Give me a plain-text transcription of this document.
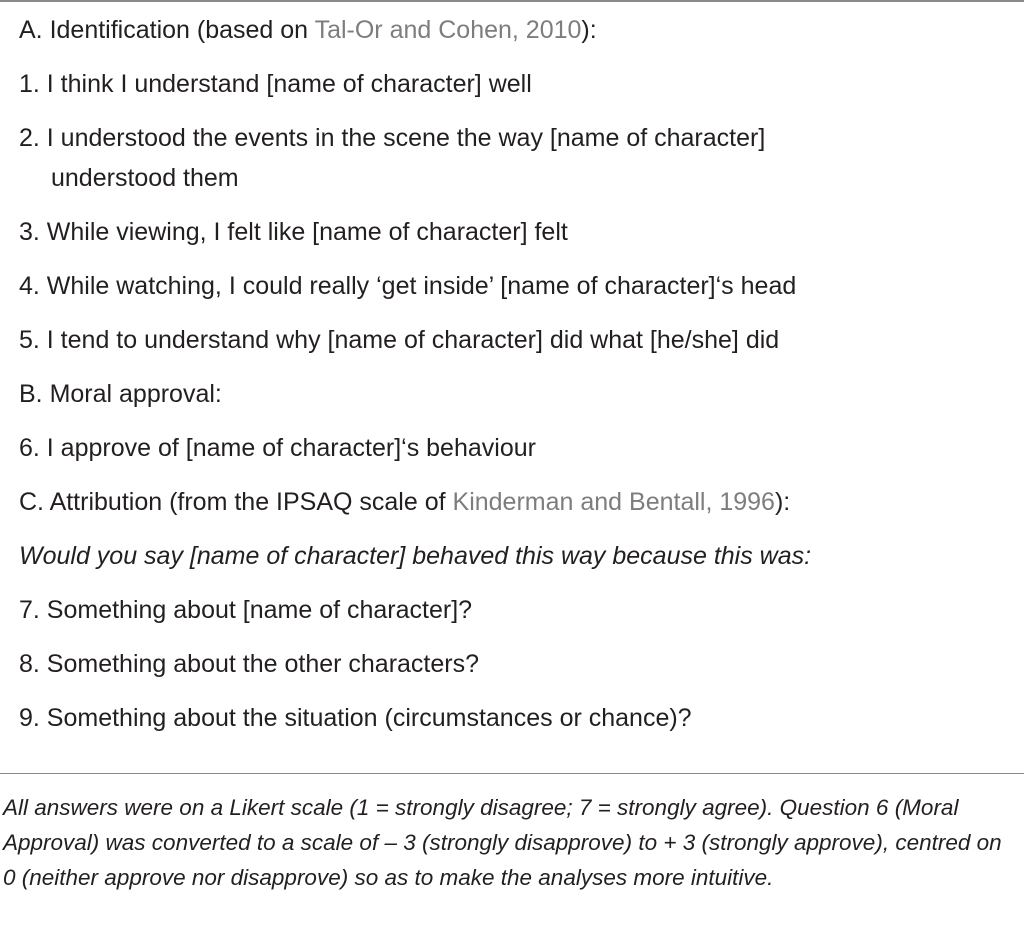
A. Identification (based on Tal-Or and Cohen, 2010):
1. I think I understand [name of character] well
2. I understood the events in the scene the way [name of character]
understood them
3. While viewing, I felt like [name of character] felt
4. While watching, I could really ‘get inside’ [name of character]‘s head
5. I tend to understand why [name of character] did what [he/she] did
B. Moral approval:
6. I approve of [name of character]‘s behaviour
C. Attribution (from the IPSAQ scale of Kinderman and Bentall, 1996):
Would you say [name of character] behaved this way because this was:
7. Something about [name of character]?
8. Something about the other characters?
9. Something about the situation (circumstances or chance)?
All answers were on a Likert scale (1 = strongly disagree; 7 = strongly agree). Question 6 (Moral Approval) was converted to a scale of – 3 (strongly disapprove) to + 3 (strongly approve), centred on 0 (neither approve nor disapprove) so as to make the analyses more intuitive.
